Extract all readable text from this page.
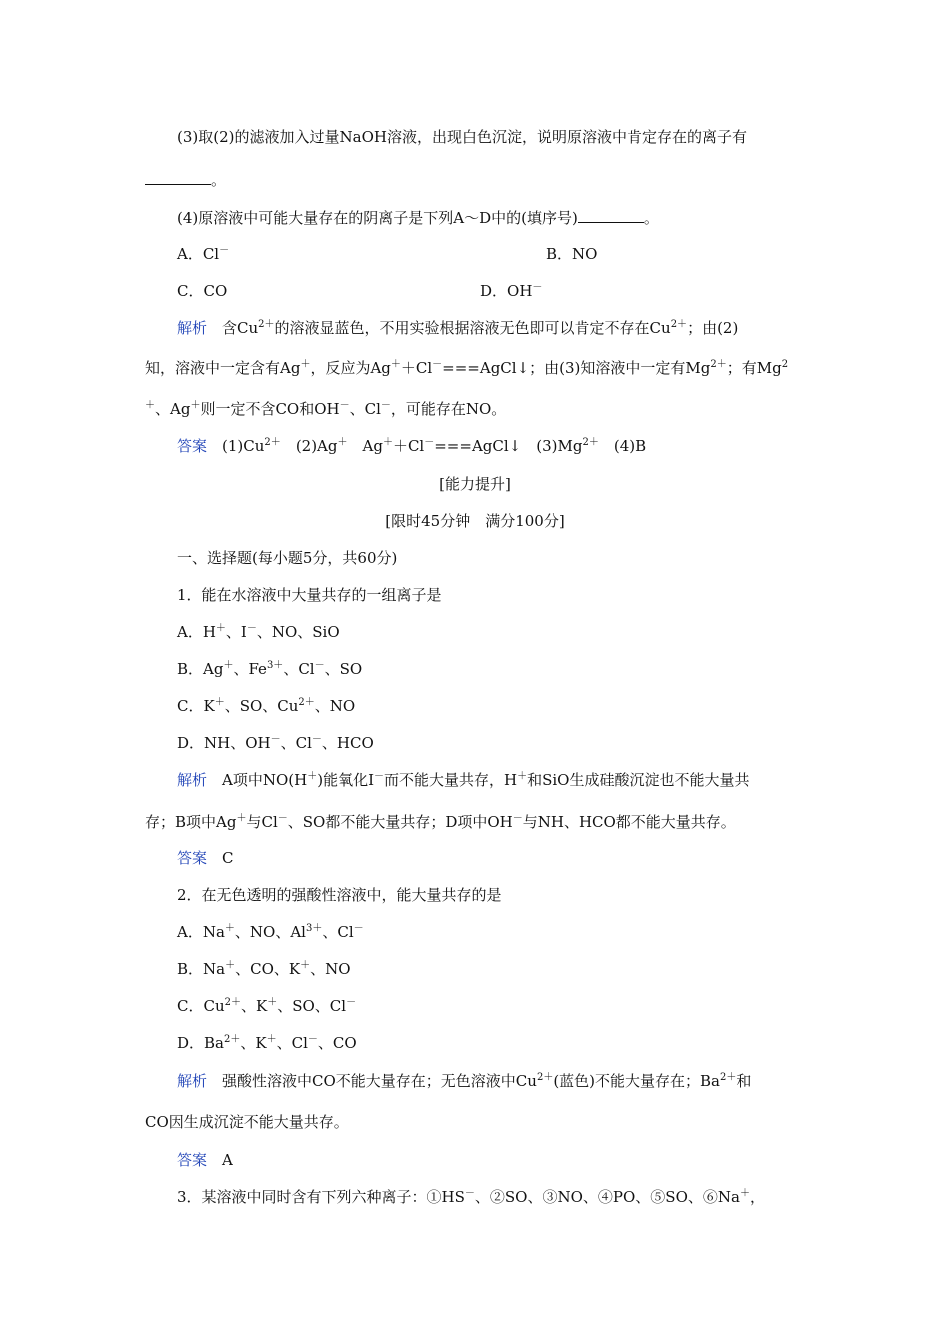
(3)取(2)的滤液加入过量NaOH溶液，出现白色沉淀，说明原溶液中肯定存在的离子有
。
(4)原溶液中可能大量存在的阴离子是下列A～D中的(填序号)	。
A．Cl－	B．NO
C．CO	D．OH－
解析　 含$Cu^{2+}$的溶液显蓝色，不用实验根据溶液无色即可以肯定不存在$Cu^{2+}$；由(2)
知，溶液中一定含有Ag＋，反应为Ag＋＋Cl－===AgCl↓；由(3)知溶液中一定有$Mg^{2+}$；有Mg$^2$
＋、Ag＋则一定不含CO和OH－、Cl－，可能存在NO。
答案　 $(1)Cu^{2+}$　 (2)Ag＋　 Ag＋＋Cl－===AgCl↓　 $(3)Mg^{2+}$　 (4)B
[能力提升]
[限时45分钟　满分100分]
一、选择题(每小题5分，共60分)
1．能在水溶液中大量共存的一组离子是
A．H＋、I－、NO、SiO
B．Ag＋、$Fe^{3+}$、Cl－、SO
C．K＋、SO、$Cu^{2+}$、NO
D．NH、OH－、Cl－、HCO
解析　 A项中NO(H＋)能氧化I－而不能大量共存，H＋和SiO生成硅酸沉淀也不能大量共
存；B项中Ag＋与Cl－、SO都不能大量共存；D项中OH－与NH、HCO都不能大量共存。
答案　 C
2．在无色透明的强酸性溶液中，能大量共存的是
A．Na＋、NO、$Al^{3+}$、Cl－
B．Na＋、CO、K＋、NO
C．$Cu^{2+}$、K＋、SO、Cl－
D．$Ba^{2+}$、K＋、Cl－、CO
解析　 强酸性溶液中CO不能大量存在；无色溶液中$Cu^{2+}$(蓝色)不能大量存在；$Ba^{2+}$和
CO因生成沉淀不能大量共存。
答案　 A
3．某溶液中同时含有下列六种离子：①HS－、②SO、③NO、④PO、⑤SO、⑥Na＋，
